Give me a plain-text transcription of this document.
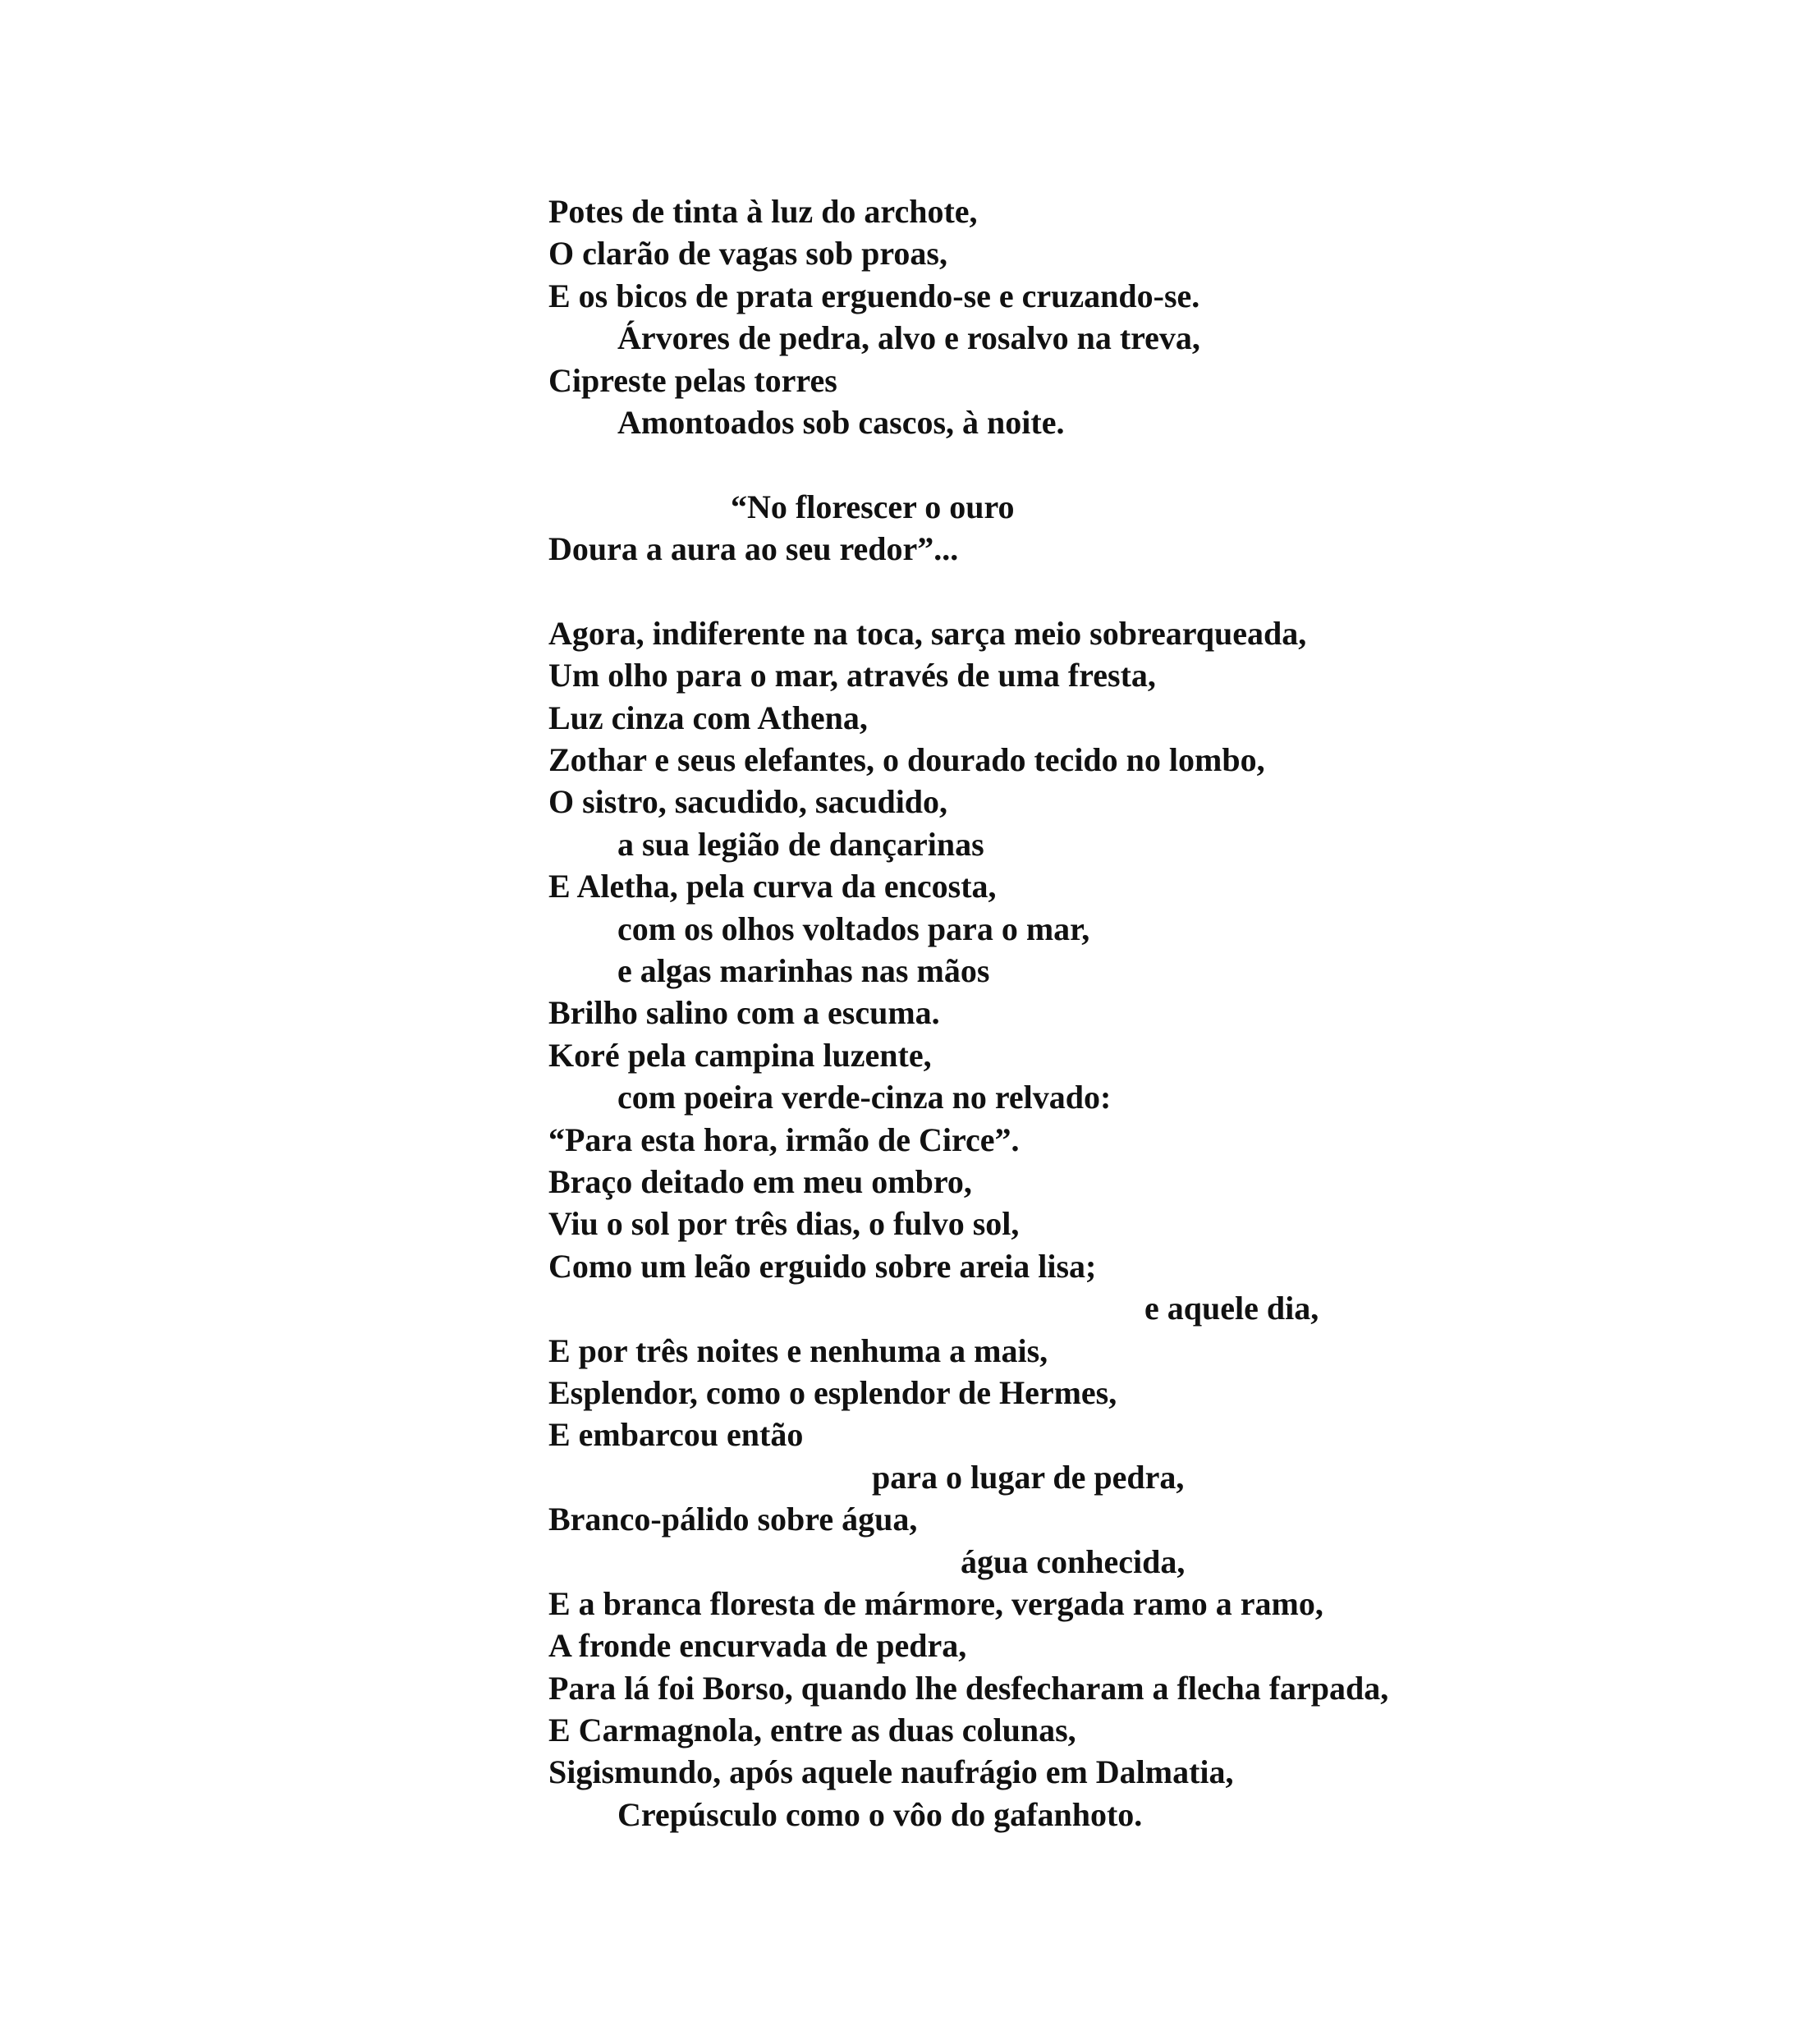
Potes de tinta à luz do archote,
O clarão de vagas sob proas,
E os bicos de prata erguendo-se e cruzando-se.
Árvores de pedra, alvo e rosalvo na treva,
Cipreste pelas torres
Amontoados sob cascos, à noite.
“No florescer o ouro
Doura a aura ao seu redor”...
Agora, indiferente na toca, sarça meio sobrearqueada,
Um olho para o mar, através de uma fresta,
Luz cinza com Athena,
Zothar e seus elefantes, o dourado tecido no lombo,
O sistro, sacudido, sacudido,
a sua legião de dançarinas
E Aletha, pela curva da encosta,
com os olhos voltados para o mar,
e algas marinhas nas mãos
Brilho salino com a escuma.
Koré pela campina luzente,
com poeira verde-cinza no relvado:
“Para esta hora, irmão de Circe”.
Braço deitado em meu ombro,
Viu o sol por três dias, o fulvo sol,
Como um leão erguido sobre areia lisa;
e aquele dia,
E por três noites e nenhuma a mais,
Esplendor, como o esplendor de Hermes,
E embarcou então
para o lugar de pedra,
Branco-pálido sobre água,
água conhecida,
E a branca floresta de mármore, vergada ramo a ramo,
A fronde encurvada de pedra,
Para lá foi Borso, quando lhe desfecharam a flecha farpada,
E Carmagnola, entre as duas colunas,
Sigismundo, após aquele naufrágio em Dalmatia,
Crepúsculo como o vôo do gafanhoto.
